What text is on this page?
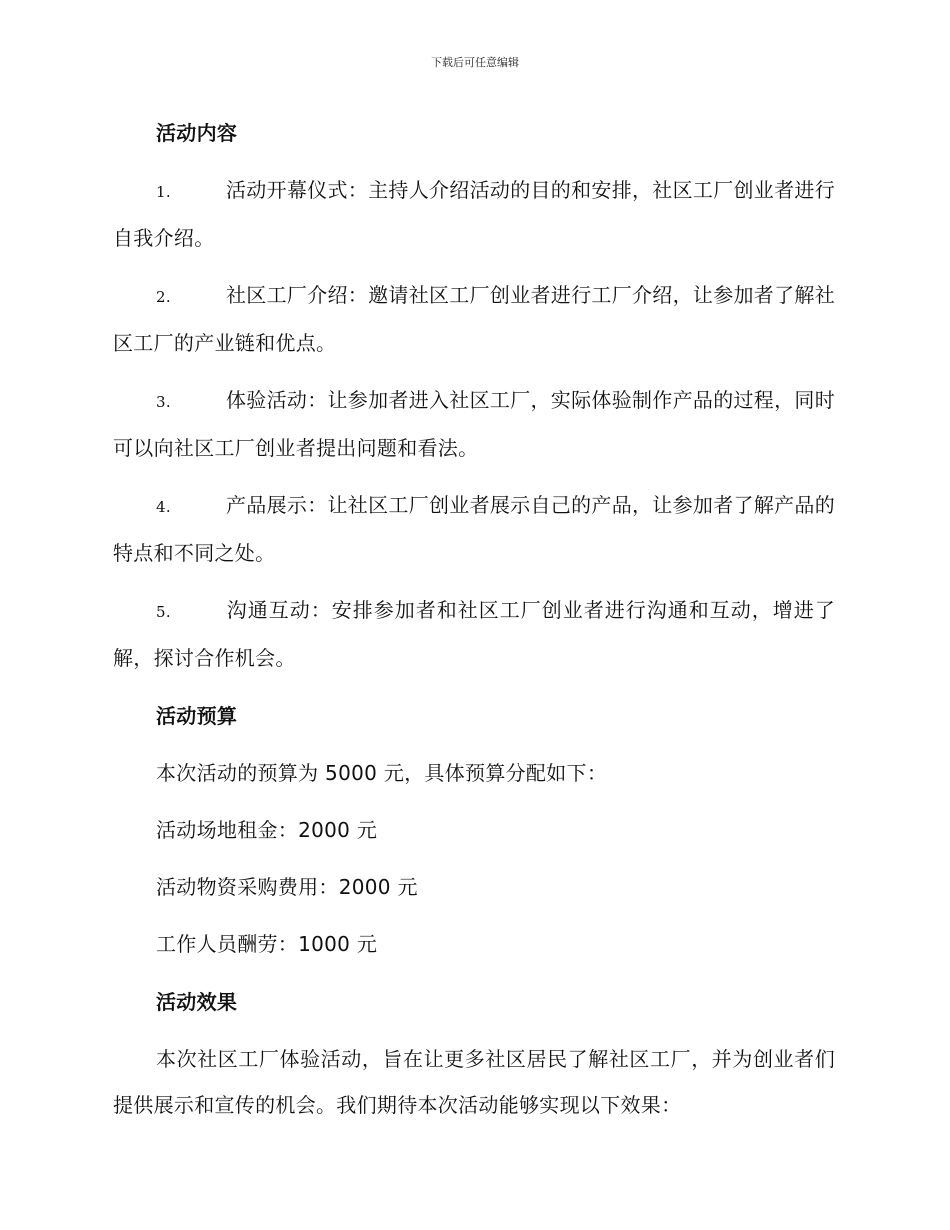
下载后可任意编辑
活动内容
1.	活动开幕仪式：主持人介绍活动的目的和安排，社区工厂创业者进行自我介绍。
2.	社区工厂介绍：邀请社区工厂创业者进行工厂介绍，让参加者了解社区工厂的产业链和优点。
3.	体验活动：让参加者进入社区工厂，实际体验制作产品的过程，同时可以向社区工厂创业者提出问题和看法。
4.	产品展示：让社区工厂创业者展示自己的产品，让参加者了解产品的特点和不同之处。
5.	沟通互动：安排参加者和社区工厂创业者进行沟通和互动，增进了解，探讨合作机会。
活动预算
本次活动的预算为 5000 元，具体预算分配如下：
活动场地租金：2000 元
活动物资采购费用：2000 元
工作人员酬劳：1000 元
活动效果
本次社区工厂体验活动，旨在让更多社区居民了解社区工厂，并为创业者们提供展示和宣传的机会。我们期待本次活动能够实现以下效果：
